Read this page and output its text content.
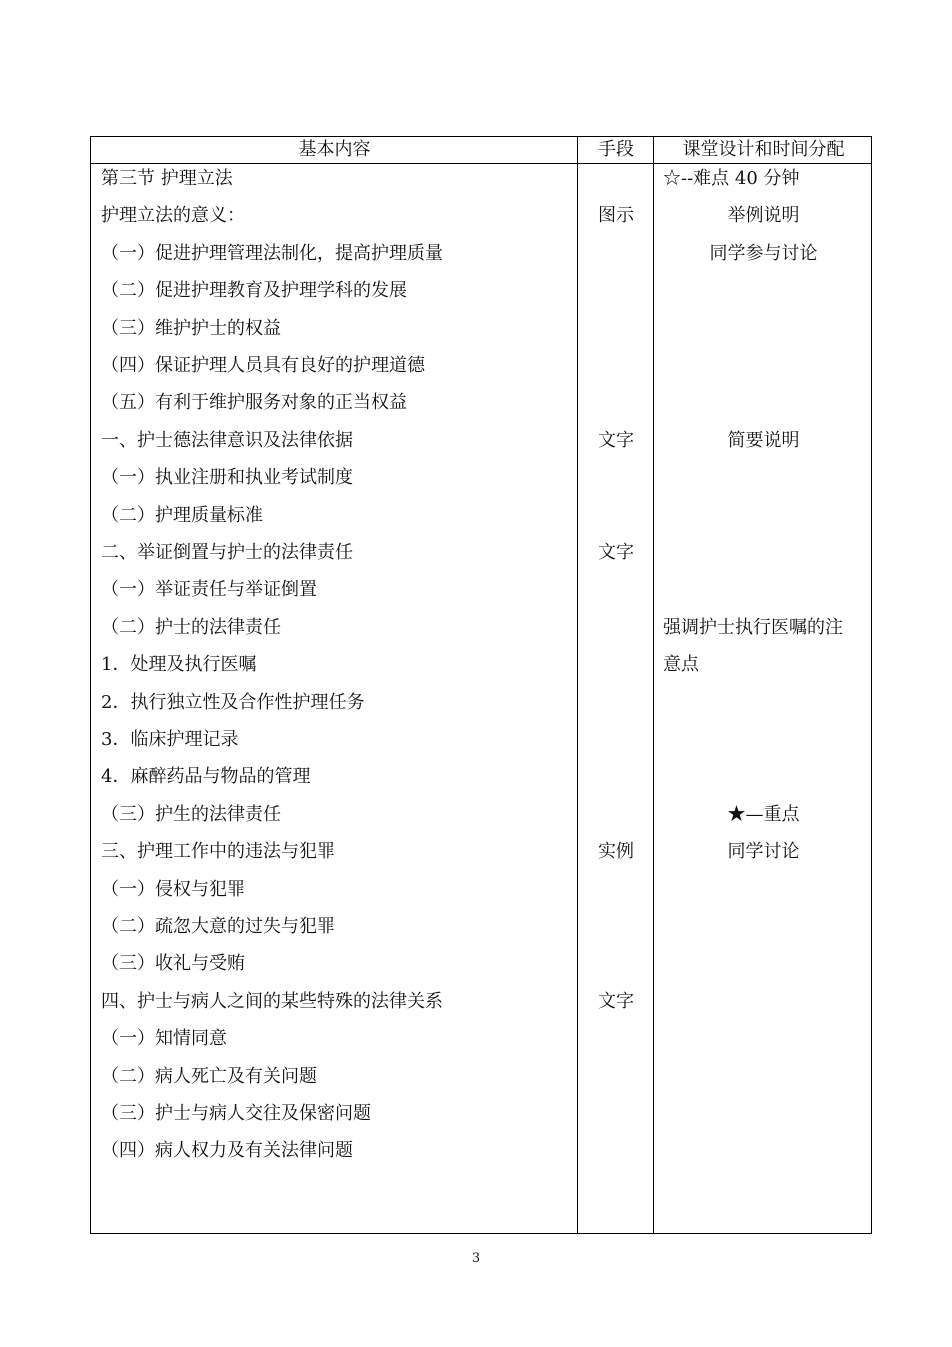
基本内容	手段	课堂设计和时间分配
第三节 护理立法
护理立法的意义：
（一）促进护理管理法制化，提高护理质量
（二）促进护理教育及护理学科的发展
（三）维护护士的权益
（四）保证护理人员具有良好的护理道德
（五）有利于维护服务对象的正当权益
一、护士德法律意识及法律依据
（一）执业注册和执业考试制度
（二）护理质量标准
二、举证倒置与护士的法律责任
（一）举证责任与举证倒置
（二）护士的法律责任
1．处理及执行医嘱
2．执行独立性及合作性护理任务
3．临床护理记录
4．麻醉药品与物品的管理
（三）护生的法律责任
三、护理工作中的违法与犯罪
（一）侵权与犯罪
（二）疏忽大意的过失与犯罪
（三）收礼与受贿
四、护士与病人之间的某些特殊的法律关系
（一）知情同意
（二）病人死亡及有关问题
（三）护士与病人交往及保密问题
（四）病人权力及有关法律问题
图示
文字
文字
实例
文字
☆--难点 40 分钟
举例说明
同学参与讨论
简要说明
强调护士执行医嘱的注
意点
★—重点
同学讨论
3
